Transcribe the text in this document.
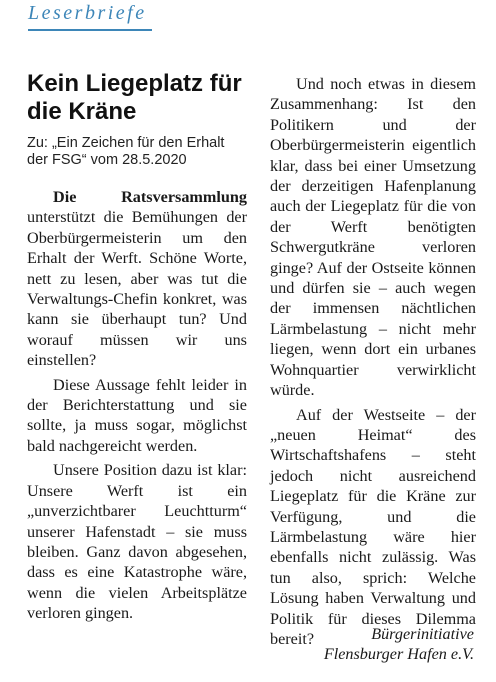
Leserbriefe
Kein Liegeplatz für die Kräne
Zu: „Ein Zeichen für den Erhalt der FSG“ vom 28.5.2020

Die Ratsversammlung unterstützt die Bemühungen der Oberbürgermeisterin um den Erhalt der Werft. Schöne Worte, nett zu lesen, aber was tut die Verwaltungs-Chefin konkret, was kann sie überhaupt tun? Und worauf müssen wir uns einstellen?

Diese Aussage fehlt leider in der Berichterstattung und sie sollte, ja muss sogar, möglichst bald nachgereicht werden.

Unsere Position dazu ist klar: Unsere Werft ist ein „unverzichtbarer Leuchtturm“ unserer Hafenstadt – sie muss bleiben. Ganz davon abgesehen, dass es eine Katastrophe wäre, wenn die vielen Arbeitsplätze verloren gingen.

Und noch etwas in diesem Zusammenhang: Ist den Politikern und der Oberbürgermeisterin eigentlich klar, dass bei einer Umsetzung der derzeitigen Hafenplanung auch der Liegeplatz für die von der Werft benötigten Schwergutkräne verloren ginge? Auf der Ostseite können und dürfen sie – auch wegen der immensen nächtlichen Lärmbelastung – nicht mehr liegen, wenn dort ein urbanes Wohnquartier verwirklicht würde.

Auf der Westseite – der „neuen Heimat“ des Wirtschaftshafens – steht jedoch nicht ausreichend Liegeplatz für die Kräne zur Verfügung, und die Lärmbelastung wäre hier ebenfalls nicht zulässig. Was tun also, sprich: Welche Lösung haben Verwaltung und Politik für dieses Dilemma bereit?	Bürgerinitiative
Flensburger Hafen e.V.
